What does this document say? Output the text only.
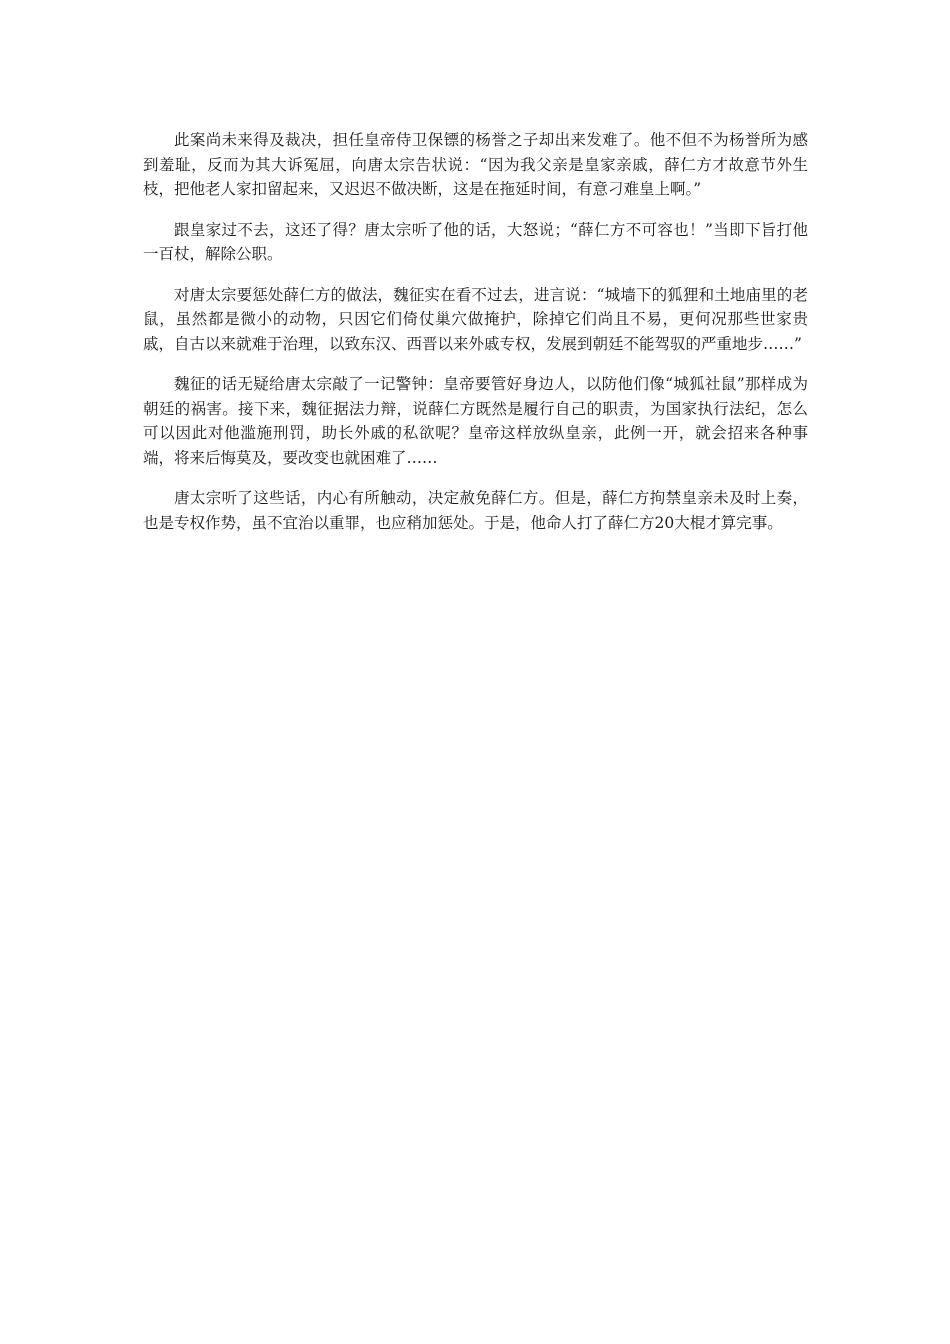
此案尚未来得及裁决，担任皇帝侍卫保镖的杨誉之子却出来发难了。他不但不为杨誉所为感到羞耻，反而为其大诉冤屈，向唐太宗告状说：“因为我父亲是皇家亲戚，薛仁方才故意节外生枝，把他老人家扣留起来，又迟迟不做决断，这是在拖延时间，有意刁难皇上啊。”

跟皇家过不去，这还了得？唐太宗听了他的话，大怒说；“薛仁方不可容也！”当即下旨打他一百杖，解除公职。

对唐太宗要惩处薛仁方的做法，魏征实在看不过去，进言说：“城墙下的狐狸和土地庙里的老鼠，虽然都是微小的动物，只因它们倚仗巢穴做掩护，除掉它们尚且不易，更何况那些世家贵戚，自古以来就难于治理，以致东汉、西晋以来外戚专权，发展到朝廷不能驾驭的严重地步……”

魏征的话无疑给唐太宗敲了一记警钟：皇帝要管好身边人，以防他们像“城狐社鼠”那样成为朝廷的祸害。接下来，魏征据法力辩，说薛仁方既然是履行自己的职责，为国家执行法纪，怎么可以因此对他滥施刑罚，助长外戚的私欲呢？皇帝这样放纵皇亲，此例一开，就会招来各种事端，将来后悔莫及，要改变也就困难了……

唐太宗听了这些话，内心有所触动，决定赦免薛仁方。但是，薛仁方拘禁皇亲未及时上奏，也是专权作势，虽不宜治以重罪，也应稍加惩处。于是，他命人打了薛仁方20大棍才算完事。
